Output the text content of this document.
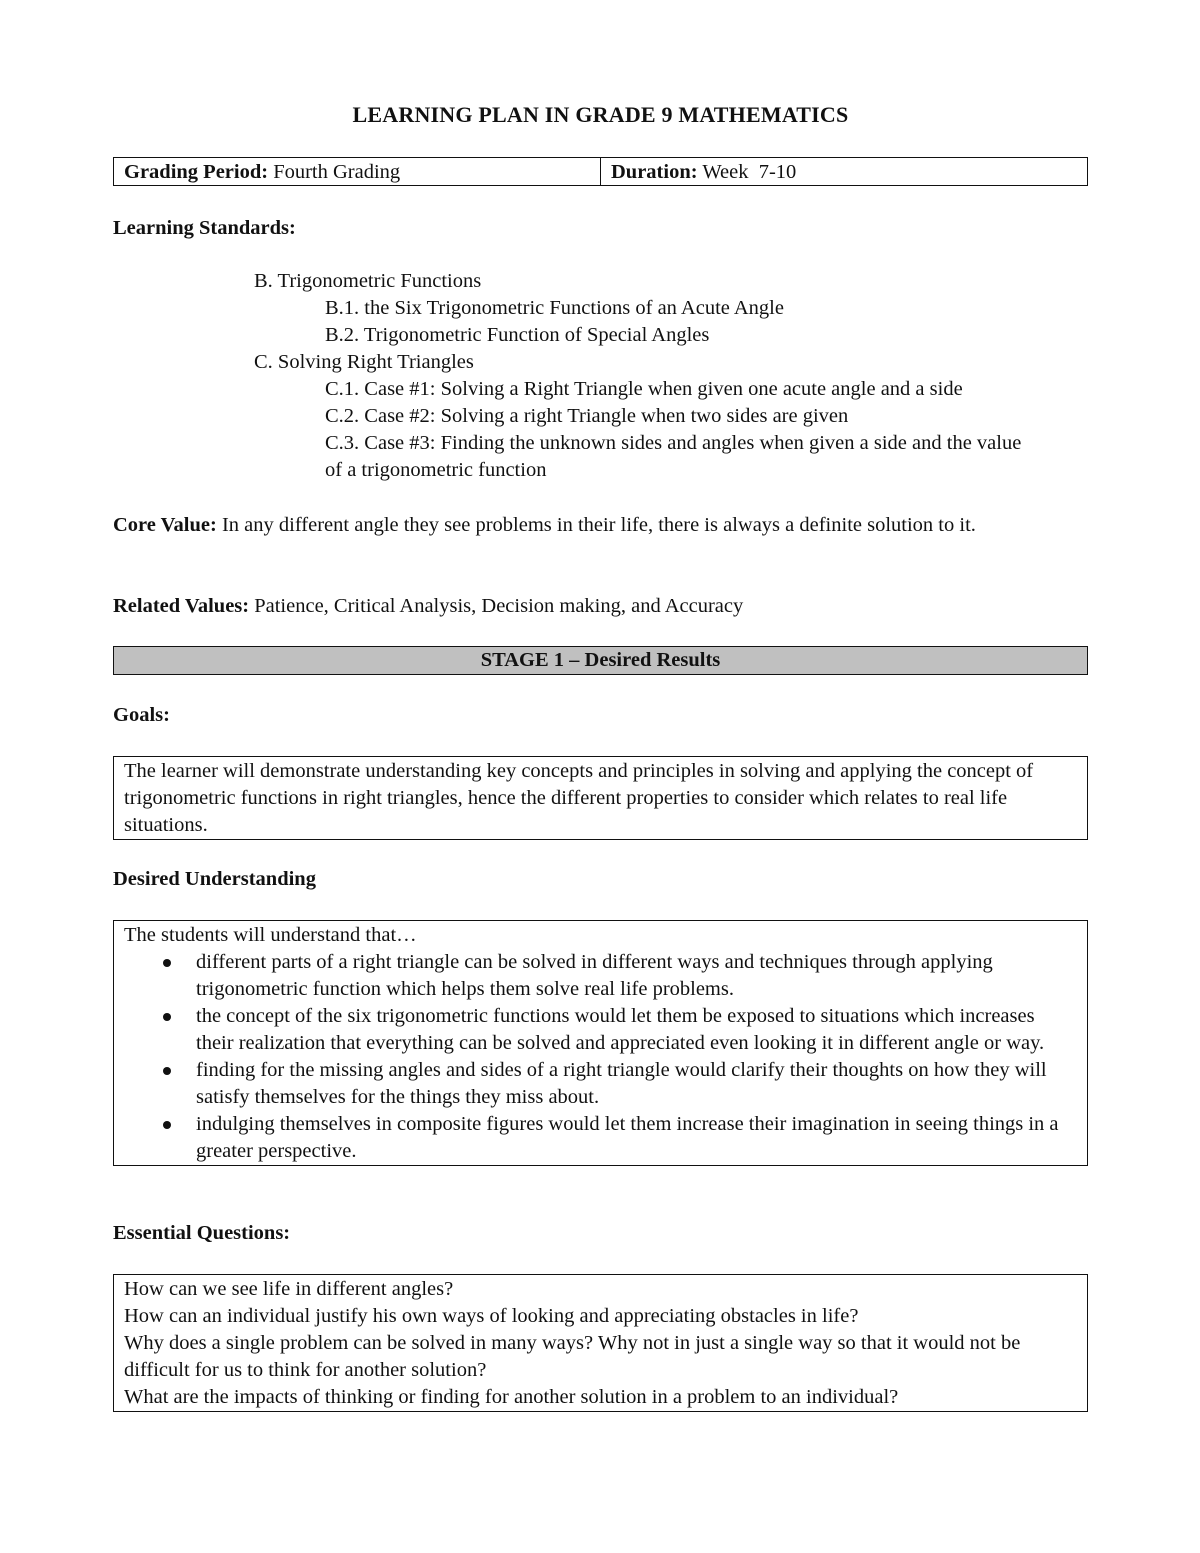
LEARNING PLAN IN GRADE 9 MATHEMATICS
Grading Period: Fourth Grading	Duration: Week  7-10
Learning Standards:
B. Trigonometric Functions
B.1. the Six Trigonometric Functions of an Acute Angle
B.2. Trigonometric Function of Special Angles
C. Solving Right Triangles
C.1. Case #1: Solving a Right Triangle when given one acute angle and a side
C.2. Case #2: Solving a right Triangle when two sides are given
C.3. Case #3: Finding the unknown sides and angles when given a side and the value of a trigonometric function
Core Value: In any different angle they see problems in their life, there is always a definite solution to it.
Related Values: Patience, Critical Analysis, Decision making, and Accuracy
STAGE 1 – Desired Results
Goals:
The learner will demonstrate understanding key concepts and principles in solving and applying the concept of trigonometric functions in right triangles, hence the different properties to consider which relates to real life situations.
Desired Understanding
The students will understand that…
different parts of a right triangle can be solved in different ways and techniques through applying trigonometric function which helps them solve real life problems.
the concept of the six trigonometric functions would let them be exposed to situations which increases their realization that everything can be solved and appreciated even looking it in different angle or way.
finding for the missing angles and sides of a right triangle would clarify their thoughts on how they will satisfy themselves for the things they miss about.
indulging themselves in composite figures would let them increase their imagination in seeing things in a greater perspective.
Essential Questions:
How can we see life in different angles?
How can an individual justify his own ways of looking and appreciating obstacles in life?
Why does a single problem can be solved in many ways? Why not in just a single way so that it would not be difficult for us to think for another solution?
What are the impacts of thinking or finding for another solution in a problem to an individual?
